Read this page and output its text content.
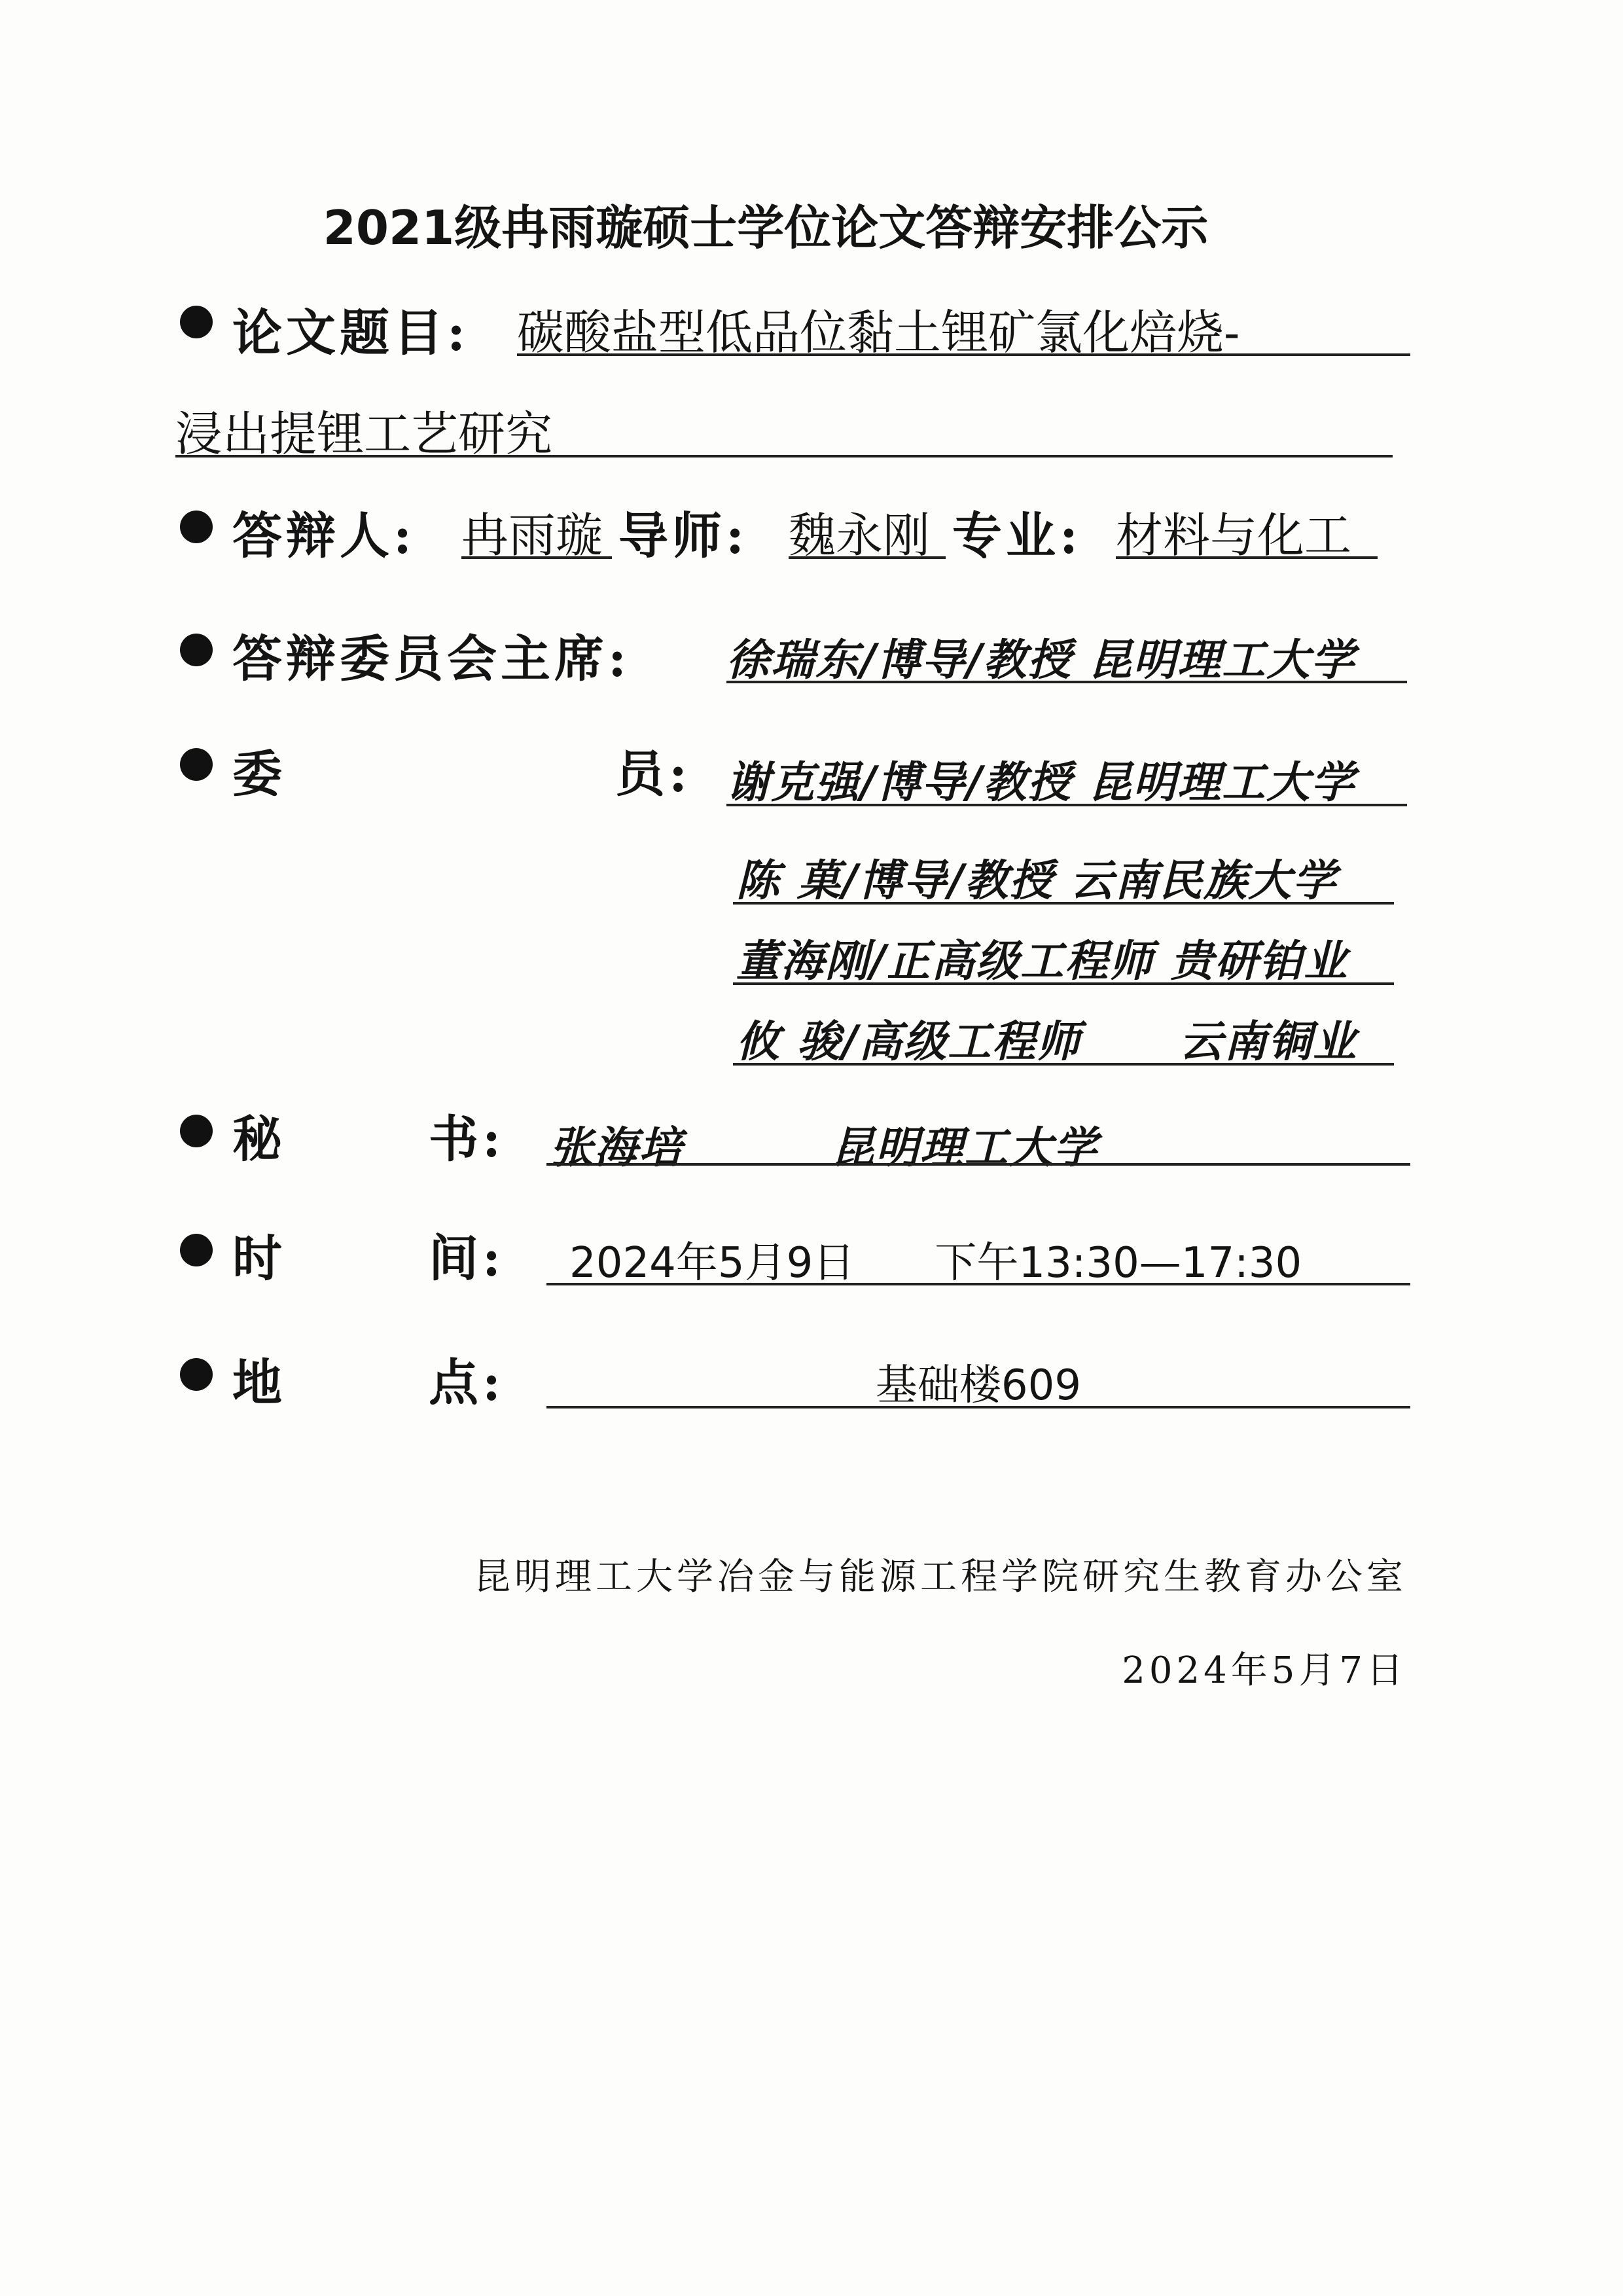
2021级冉雨璇硕士学位论文答辩安排公示
论文题目: 碳酸盐型低品位黏土锂矿氯化焙烧-
浸出提锂工艺研究
答辩人: 冉雨璇 导师: 魏永刚 专业: 材料与化工
答辩委员会主席: 徐瑞东/博导/教授 昆明理工大学
委	员: 谢克强/博导/教授 昆明理工大学
陈 菓/博导/教授 云南民族大学
董海刚/正高级工程师 贵研铂业
攸 骏/高级工程师      云南铜业
秘	书: 张海培	昆明理工大学
时	间: 2024年5月9日      下午13:30—17:30
地	点:	基础楼609
昆明理工大学冶金与能源工程学院研究生教育办公室
2024年5月7日
